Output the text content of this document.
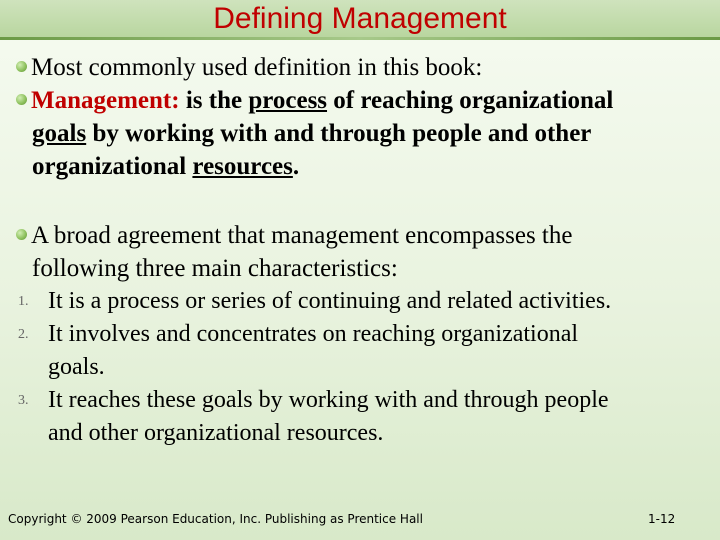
Defining Management
Most commonly used definition in this book:
Management: is the process of reaching organizational
goals by working with and through people and other
organizational resources.
A broad agreement that management encompasses the
following three main characteristics:
1. It is a process or series of continuing and related activities.
2. It involves and concentrates on reaching organizational
goals.
3. It reaches these goals by working with and through people
and other organizational resources.
Copyright © 2009 Pearson Education, Inc. Publishing as Prentice Hall	1-12
